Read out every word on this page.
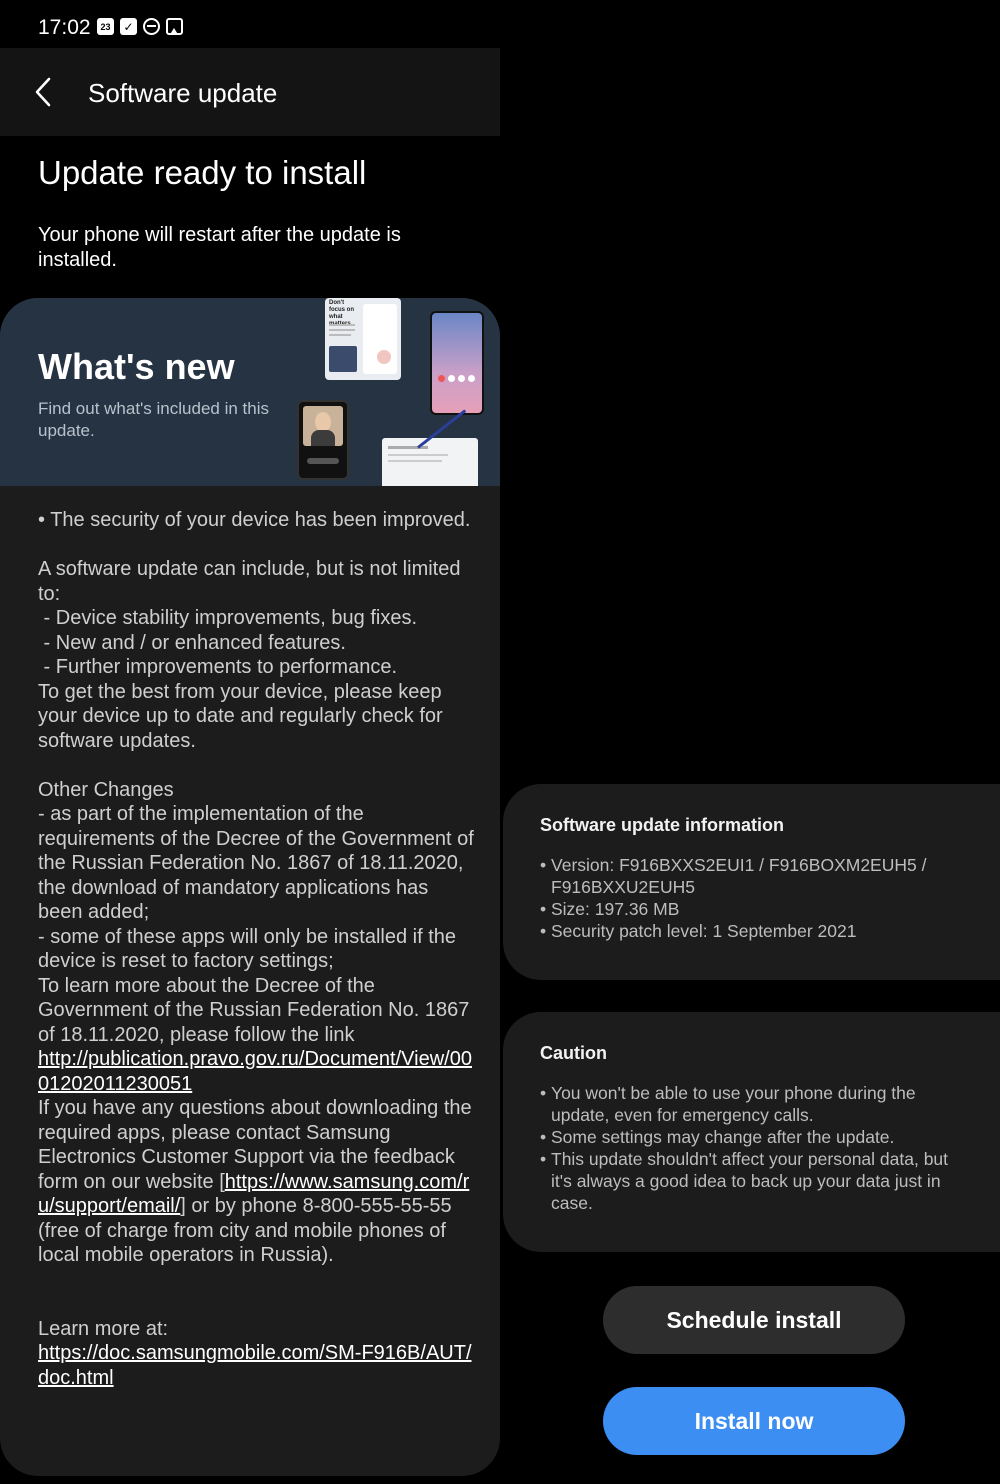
17:02	23 ✓
Software update
Update ready to install
Your phone will restart after the update is installed.
What's new
Find out what's included in this update.
Don't focus on what

• The security of your device has been improved.

A software update can include, but is not limited to:

- Device stability improvements, bug fixes.

- New and / or enhanced features.

- Further improvements to performance.

To get the best from your device, please keep your device up to date and regularly check for software updates.

Other Changes

- as part of the implementation of the requirements of the Decree of the Government of the Russian Federation No. 1867 of 18.11.2020, the download of mandatory applications has been added;

- some of these apps will only be installed if the device is reset to factory settings;

To learn more about the Decree of the Government of the Russian Federation No. 1867 of 18.11.2020, please follow the link

http://publication.pravo.gov.ru/Document/View/0001202011230051

If you have any questions about downloading the required apps, please contact Samsung Electronics Customer Support via the feedback form on our website [https://www.samsung.com/ru/support/email/] or by phone 8-800-555-55-55 (free of charge from city and mobile phones of local mobile operators in Russia).

Learn more at:

https://doc.samsungmobile.com/SM-F916B/AUT/doc.html

Software update information
• Version: F916BXXS2EUI1 / F916BOXM2EUH5 / F916BXXU2EUH5
• Size: 197.36 MB
• Security patch level: 1 September 2021
Caution
• You won't be able to use your phone during the update, even for emergency calls.
• Some settings may change after the update.
• This update shouldn't affect your personal data, but it's always a good idea to back up your data just in case.
Schedule install
Install now
